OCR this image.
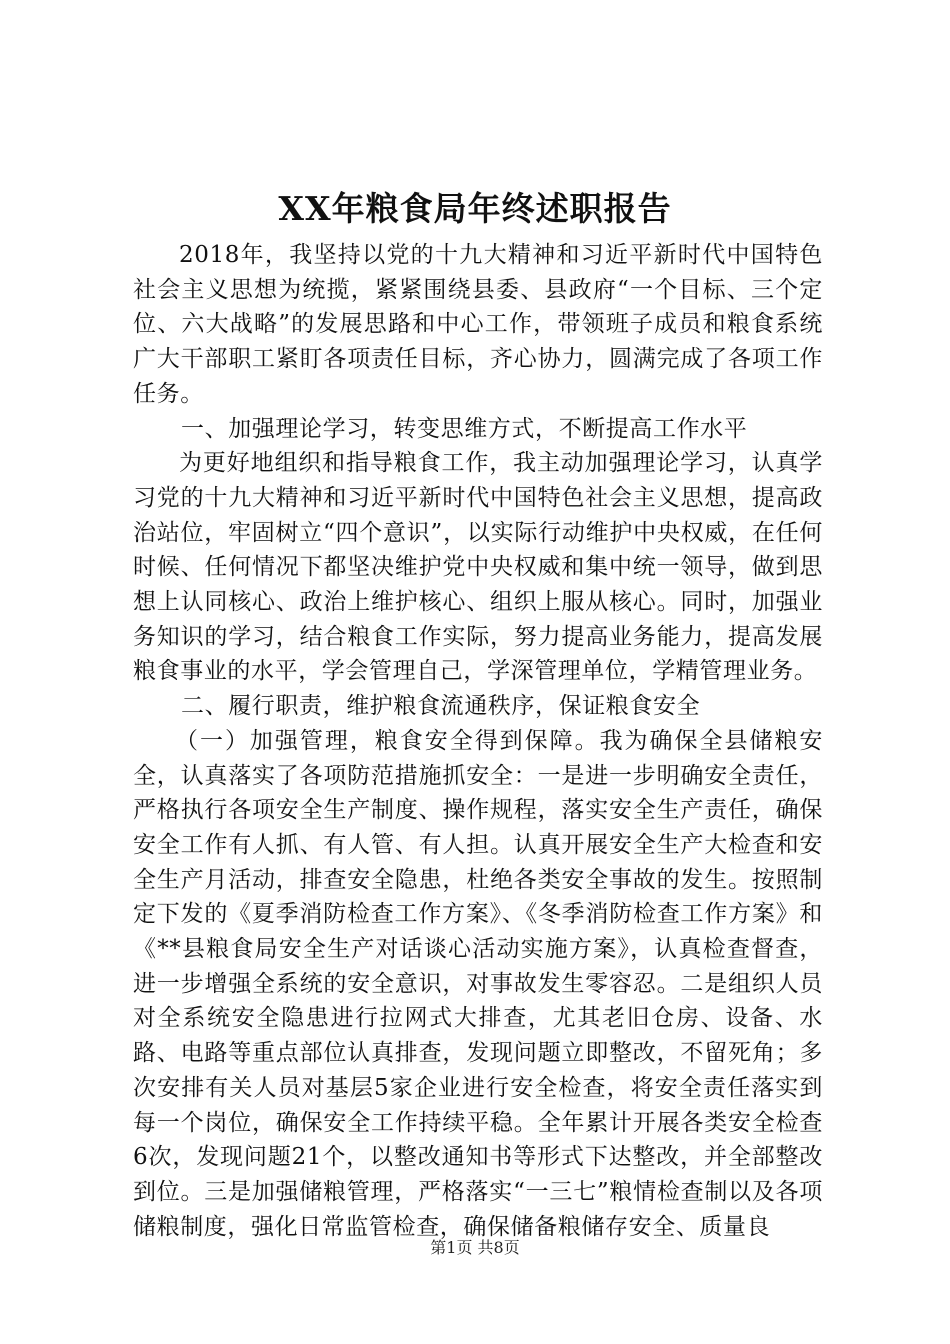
XX年粮食局年终述职报告

2018年，我坚持以党的十九大精神和习近平新时代中国特色社会主义思想为统揽，紧紧围绕县委、县政府“一个目标、三个定位、六大战略”的发展思路和中心工作，带领班子成员和粮食系统广大干部职工紧盯各项责任目标，齐心协力，圆满完成了各项工作任务。

一、加强理论学习，转变思维方式，不断提高工作水平

为更好地组织和指导粮食工作，我主动加强理论学习，认真学习党的十九大精神和习近平新时代中国特色社会主义思想，提高政治站位，牢固树立“四个意识”，以实际行动维护中央权威，在任何时候、任何情况下都坚决维护党中央权威和集中统一领导，做到思想上认同核心、政治上维护核心、组织上服从核心。同时，加强业务知识的学习，结合粮食工作实际，努力提高业务能力，提高发展粮食事业的水平，学会管理自己，学深管理单位，学精管理业务。

二、履行职责，维护粮食流通秩序，保证粮食安全

（一）加强管理，粮食安全得到保障。我为确保全县储粮安全，认真落实了各项防范措施抓安全：一是进一步明确安全责任，严格执行各项安全生产制度、操作规程，落实安全生产责任，确保安全工作有人抓、有人管、有人担。认真开展安全生产大检查和安全生产月活动，排查安全隐患，杜绝各类安全事故的发生。按照制定下发的《夏季消防检查工作方案》、《冬季消防检查工作方案》和《**县粮食局安全生产对话谈心活动实施方案》，认真检查督查，进一步增强全系统的安全意识，对事故发生零容忍。二是组织人员对全系统安全隐患进行拉网式大排查，尤其老旧仓房、设备、水路、电路等重点部位认真排查，发现问题立即整改，不留死角；多次安排有关人员对基层5家企业进行安全检查，将安全责任落实到每一个岗位，确保安全工作持续平稳。全年累计开展各类安全检查6次，发现问题21个，以整改通知书等形式下达整改，并全部整改到位。三是加强储粮管理，严格落实“一三七”粮情检查制以及各项储粮制度，强化日常监管检查，确保储备粮储存安全、质量良

第1页 共8页
